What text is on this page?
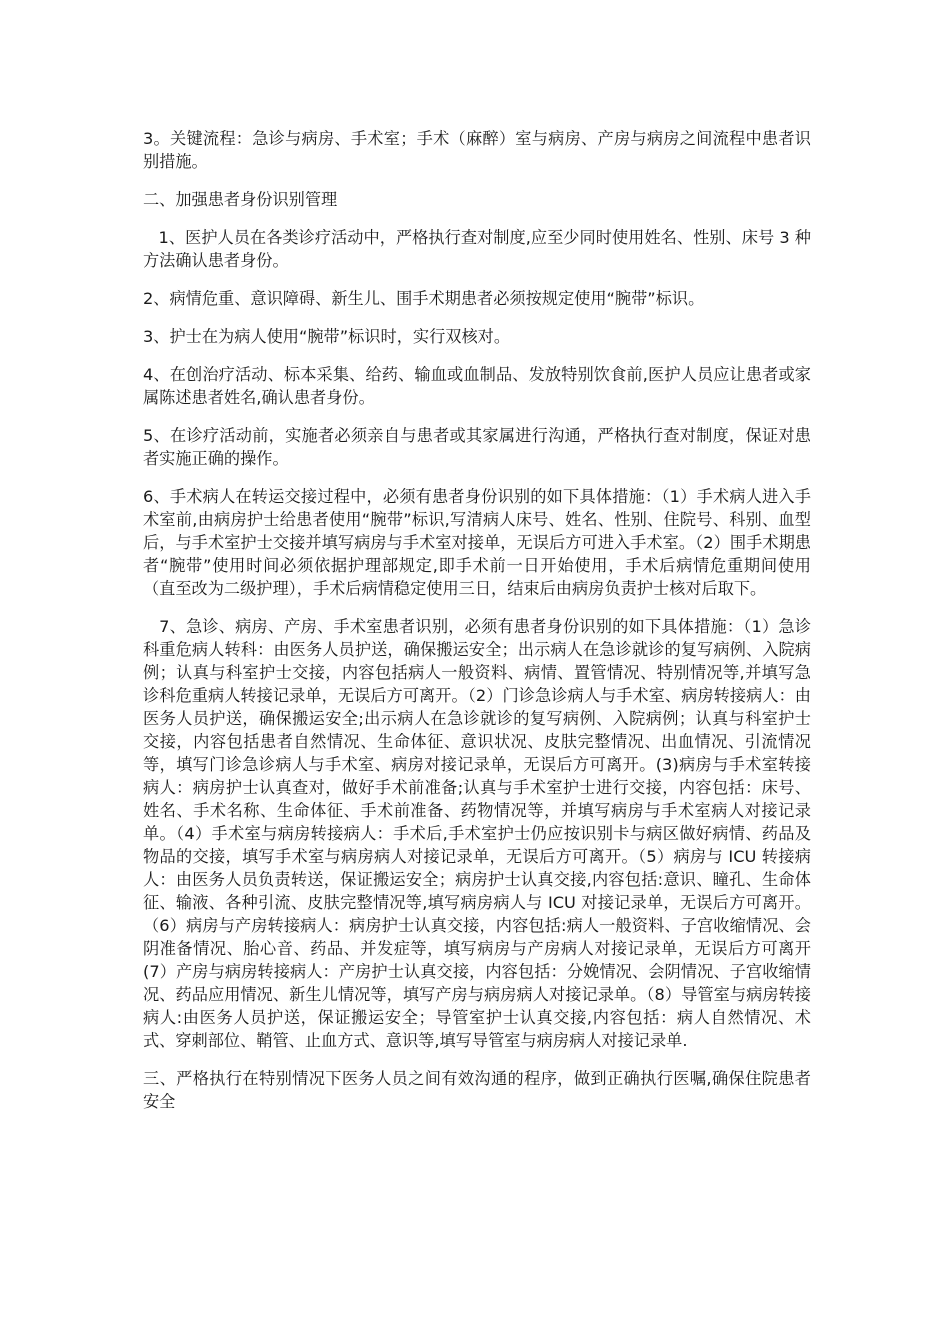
3。关键流程：急诊与病房、手术室；手术（麻醉）室与病房、产房与病房之间流程中患者识别措施。

二、加强患者身份识别管理

1、医护人员在各类诊疗活动中，严格执行查对制度,应至少同时使用姓名、性别、床号 3 种方法确认患者身份。

2、病情危重、意识障碍、新生儿、围手术期患者必须按规定使用“腕带”标识。

3、护士在为病人使用“腕带”标识时，实行双核对。

4、在创治疗活动、标本采集、给药、输血或血制品、发放特别饮食前,医护人员应让患者或家属陈述患者姓名,确认患者身份。

5、在诊疗活动前，实施者必须亲自与患者或其家属进行沟通，严格执行查对制度，保证对患者实施正确的操作。

6、手术病人在转运交接过程中，必须有患者身份识别的如下具体措施：（1）手术病人进入手术室前,由病房护士给患者使用“腕带”标识,写清病人床号、姓名、性别、住院号、科别、血型后，与手术室护士交接并填写病房与手术室对接单，无误后方可进入手术室。（2）围手术期患者“腕带”使用时间必须依据护理部规定,即手术前一日开始使用，手术后病情危重期间使用（直至改为二级护理），手术后病情稳定使用三日，结束后由病房负责护士核对后取下。

7、急诊、病房、产房、手术室患者识别，必须有患者身份识别的如下具体措施：（1）急诊科重危病人转科：由医务人员护送，确保搬运安全；出示病人在急诊就诊的复写病例、入院病例；认真与科室护士交接，内容包括病人一般资料、病情、置管情况、特别情况等,并填写急诊科危重病人转接记录单，无误后方可离开。（2）门诊急诊病人与手术室、病房转接病人：由医务人员护送，确保搬运安全;出示病人在急诊就诊的复写病例、入院病例；认真与科室护士交接，内容包括患者自然情况、生命体征、意识状况、皮肤完整情况、出血情况、引流情况等，填写门诊急诊病人与手术室、病房对接记录单，无误后方可离开。(3)病房与手术室转接病人：病房护士认真查对，做好手术前准备;认真与手术室护士进行交接，内容包括：床号、姓名、手术名称、生命体征、手术前准备、药物情况等，并填写病房与手术室病人对接记录单。（4）手术室与病房转接病人：手术后,手术室护士仍应按识别卡与病区做好病情、药品及物品的交接，填写手术室与病房病人对接记录单，无误后方可离开。（5）病房与 ICU 转接病人：由医务人员负责转送，保证搬运安全；病房护士认真交接,内容包括:意识、瞳孔、生命体征、输液、各种引流、皮肤完整情况等,填写病房病人与 ICU 对接记录单，无误后方可离开。（6）病房与产房转接病人：病房护士认真交接，内容包括:病人一般资料、子宫收缩情况、会阴准备情况、胎心音、药品、并发症等，填写病房与产房病人对接记录单，无误后方可离开(7）产房与病房转接病人：产房护士认真交接，内容包括：分娩情况、会阴情况、子宫收缩情况、药品应用情况、新生儿情况等，填写产房与病房病人对接记录单。（8）导管室与病房转接病人:由医务人员护送，保证搬运安全；导管室护士认真交接,内容包括：病人自然情况、术式、穿刺部位、鞘管、止血方式、意识等,填写导管室与病房病人对接记录单.

三、严格执行在特别情况下医务人员之间有效沟通的程序，做到正确执行医嘱,确保住院患者安全
